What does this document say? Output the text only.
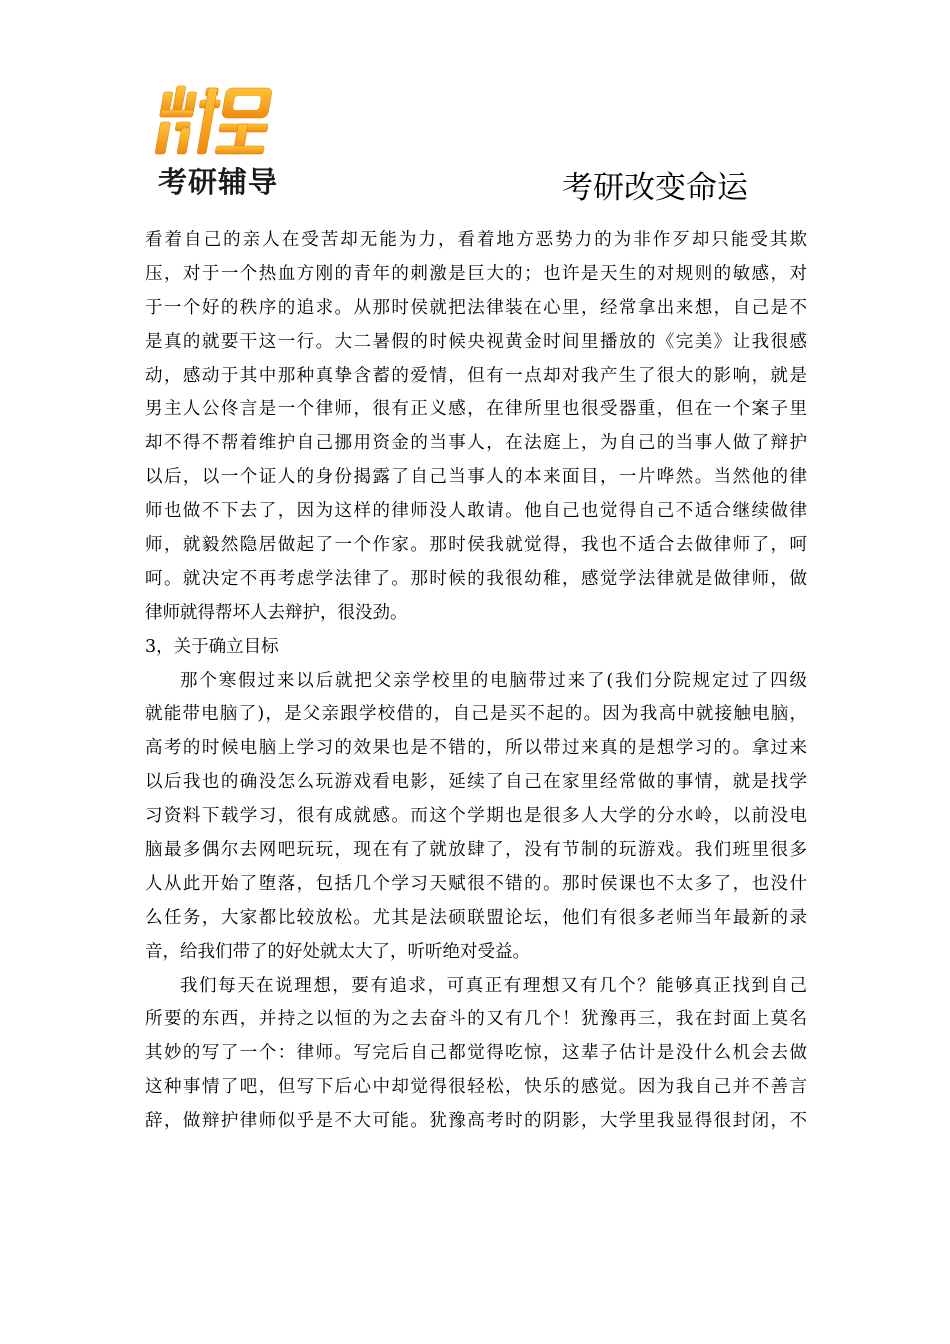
考研辅导	考研改变命运
看着自己的亲人在受苦却无能为力，看着地方恶势力的为非作歹却只能受其欺
压，对于一个热血方刚的青年的刺激是巨大的；也许是天生的对规则的敏感，对
于一个好的秩序的追求。从那时侯就把法律装在心里，经常拿出来想，自己是不
是真的就要干这一行。大二暑假的时候央视黄金时间里播放的《完美》让我很感
动，感动于其中那种真挚含蓄的爱情，但有一点却对我产生了很大的影响，就是
男主人公佟言是一个律师，很有正义感，在律所里也很受器重，但在一个案子里
却不得不帮着维护自己挪用资金的当事人，在法庭上，为自己的当事人做了辩护
以后，以一个证人的身份揭露了自己当事人的本来面目，一片哗然。当然他的律
师也做不下去了，因为这样的律师没人敢请。他自己也觉得自己不适合继续做律
师，就毅然隐居做起了一个作家。那时侯我就觉得，我也不适合去做律师了，呵
呵。就决定不再考虑学法律了。那时候的我很幼稚，感觉学法律就是做律师，做
律师就得帮坏人去辩护，很没劲。
3，关于确立目标
那个寒假过来以后就把父亲学校里的电脑带过来了(我们分院规定过了四级
就能带电脑了)，是父亲跟学校借的，自己是买不起的。因为我高中就接触电脑，
高考的时候电脑上学习的效果也是不错的，所以带过来真的是想学习的。拿过来
以后我也的确没怎么玩游戏看电影，延续了自己在家里经常做的事情，就是找学
习资料下载学习，很有成就感。而这个学期也是很多人大学的分水岭，以前没电
脑最多偶尔去网吧玩玩，现在有了就放肆了，没有节制的玩游戏。我们班里很多
人从此开始了堕落，包括几个学习天赋很不错的。那时侯课也不太多了，也没什
么任务，大家都比较放松。尤其是法硕联盟论坛，他们有很多老师当年最新的录
音，给我们带了的好处就太大了，听听绝对受益。
我们每天在说理想，要有追求，可真正有理想又有几个？能够真正找到自己
所要的东西，并持之以恒的为之去奋斗的又有几个！犹豫再三，我在封面上莫名
其妙的写了一个：律师。写完后自己都觉得吃惊，这辈子估计是没什么机会去做
这种事情了吧，但写下后心中却觉得很轻松，快乐的感觉。因为我自己并不善言
辞，做辩护律师似乎是不大可能。犹豫高考时的阴影，大学里我显得很封闭，不
